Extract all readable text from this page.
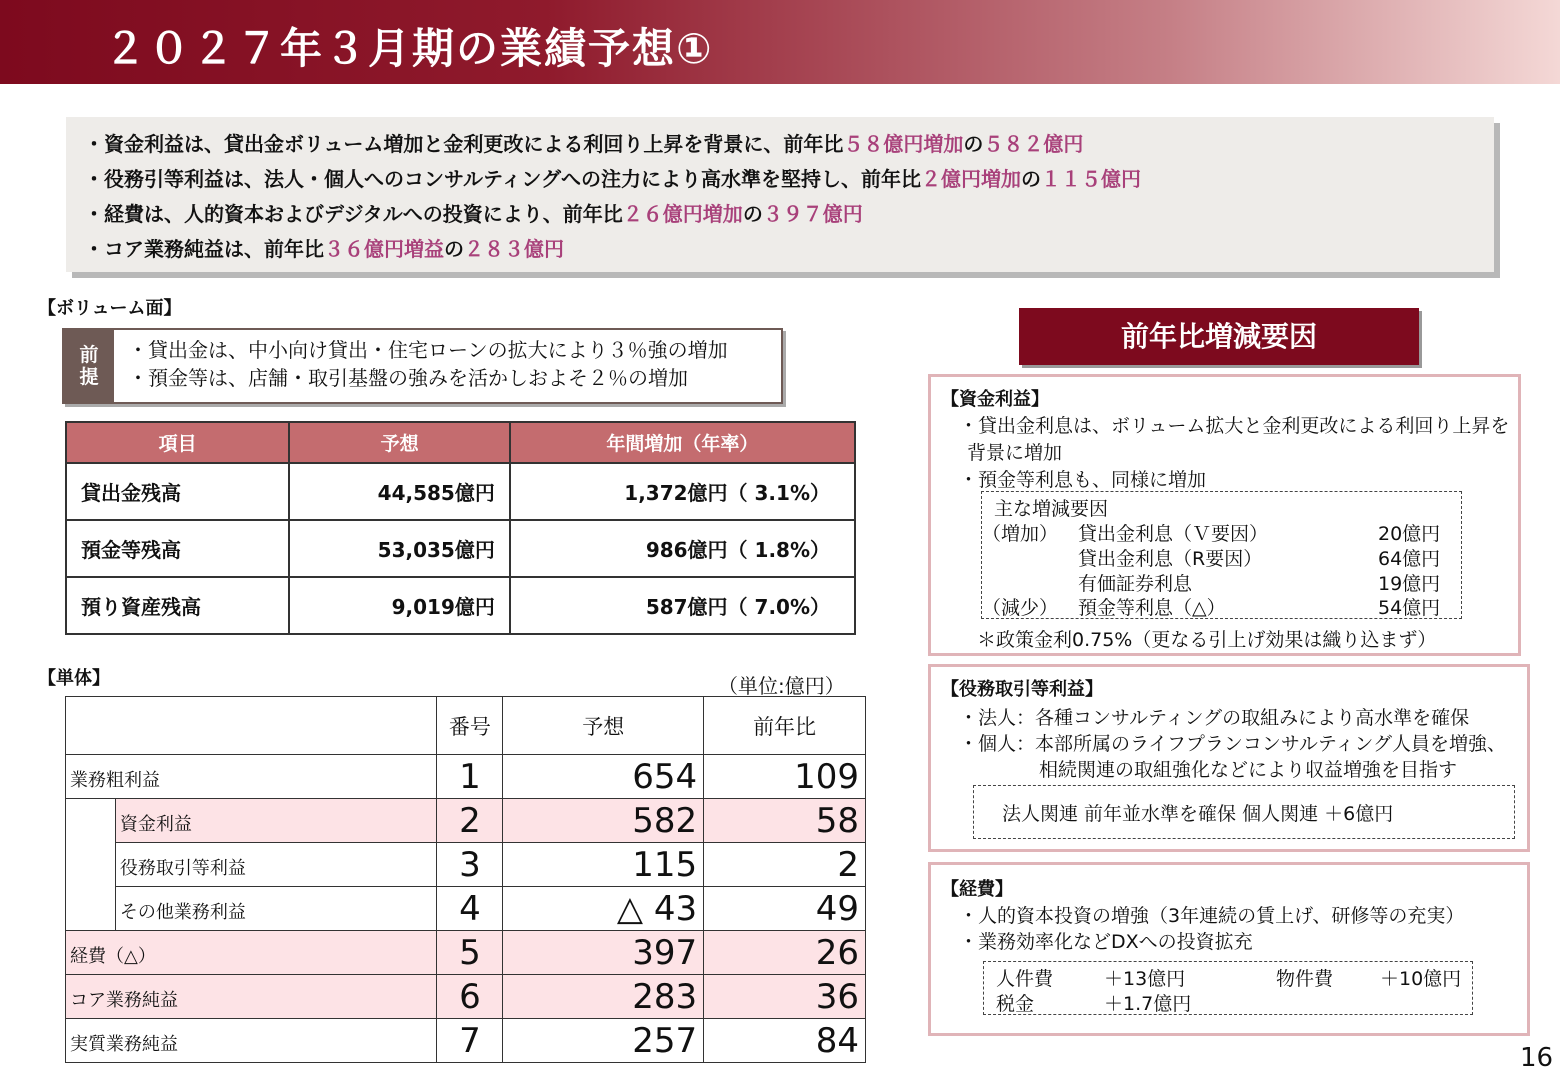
２０２７年３月期の業績予想①
・資金利益は、貸出金ボリューム増加と金利更改による利回り上昇を背景に、前年比５８億円増加の５８２億円
・役務引等利益は、法人・個人へのコンサルティングへの注力により高水準を堅持し、前年比２億円増加の１１５億円
・経費は、人的資本およびデジタルへの投資により、前年比２６億円増加の３９７億円
・コア業務純益は、前年比３６億円増益の２８３億円
【ボリューム面】
前
提
・貸出金は、中小向け貸出・住宅ローンの拡大により３％強の増加
・預金等は、店舗・取引基盤の強みを活かしおよそ２％の増加
項目	予想	年間増加（年率）
貸出金残高	44,585億円	1,372億円（ 3.1%）
預金等残高	53,035億円	986億円（ 1.8%）
預り資産残高	9,019億円	587億円（ 7.0%）
【単体】	（単位:億円）
		番号	予想	前年比
業務粗利益		1	654	109
	資金利益	2	582	58
	役務取引等利益	3	115	2
	その他業務利益	4	△ 43	49
経費（△）		5	397	26
コア業務純益		6	283	36
実質業務純益		7	257	84
前年比増減要因
【資金利益】
・貸出金利息は、ボリューム拡大と金利更改による利回り上昇を
背景に増加
・預金等利息も、同様に増加
主な増減要因
（増加） 貸出金利息（Ｖ要因）	20億円
貸出金利息（R要因）	64億円
有価証券利息	19億円
（減少） 預金等利息（△）	54億円
＊政策金利0.75%（更なる引上げ効果は織り込まず）
【役務取引等利益】
・法人：各種コンサルティングの取組みにより高水準を確保
・個人：本部所属のライフプランコンサルティング人員を増強、
相続関連の取組強化などにより収益増強を目指す
法人関連 前年並水準を確保 個人関連 ＋6億円
【経費】
・人的資本投資の増強（3年連続の賃上げ、研修等の充実）
・業務効率化などDXへの投資拡充
人件費	＋13億円	物件費 ＋10億円
税金	＋1.7億円
16
